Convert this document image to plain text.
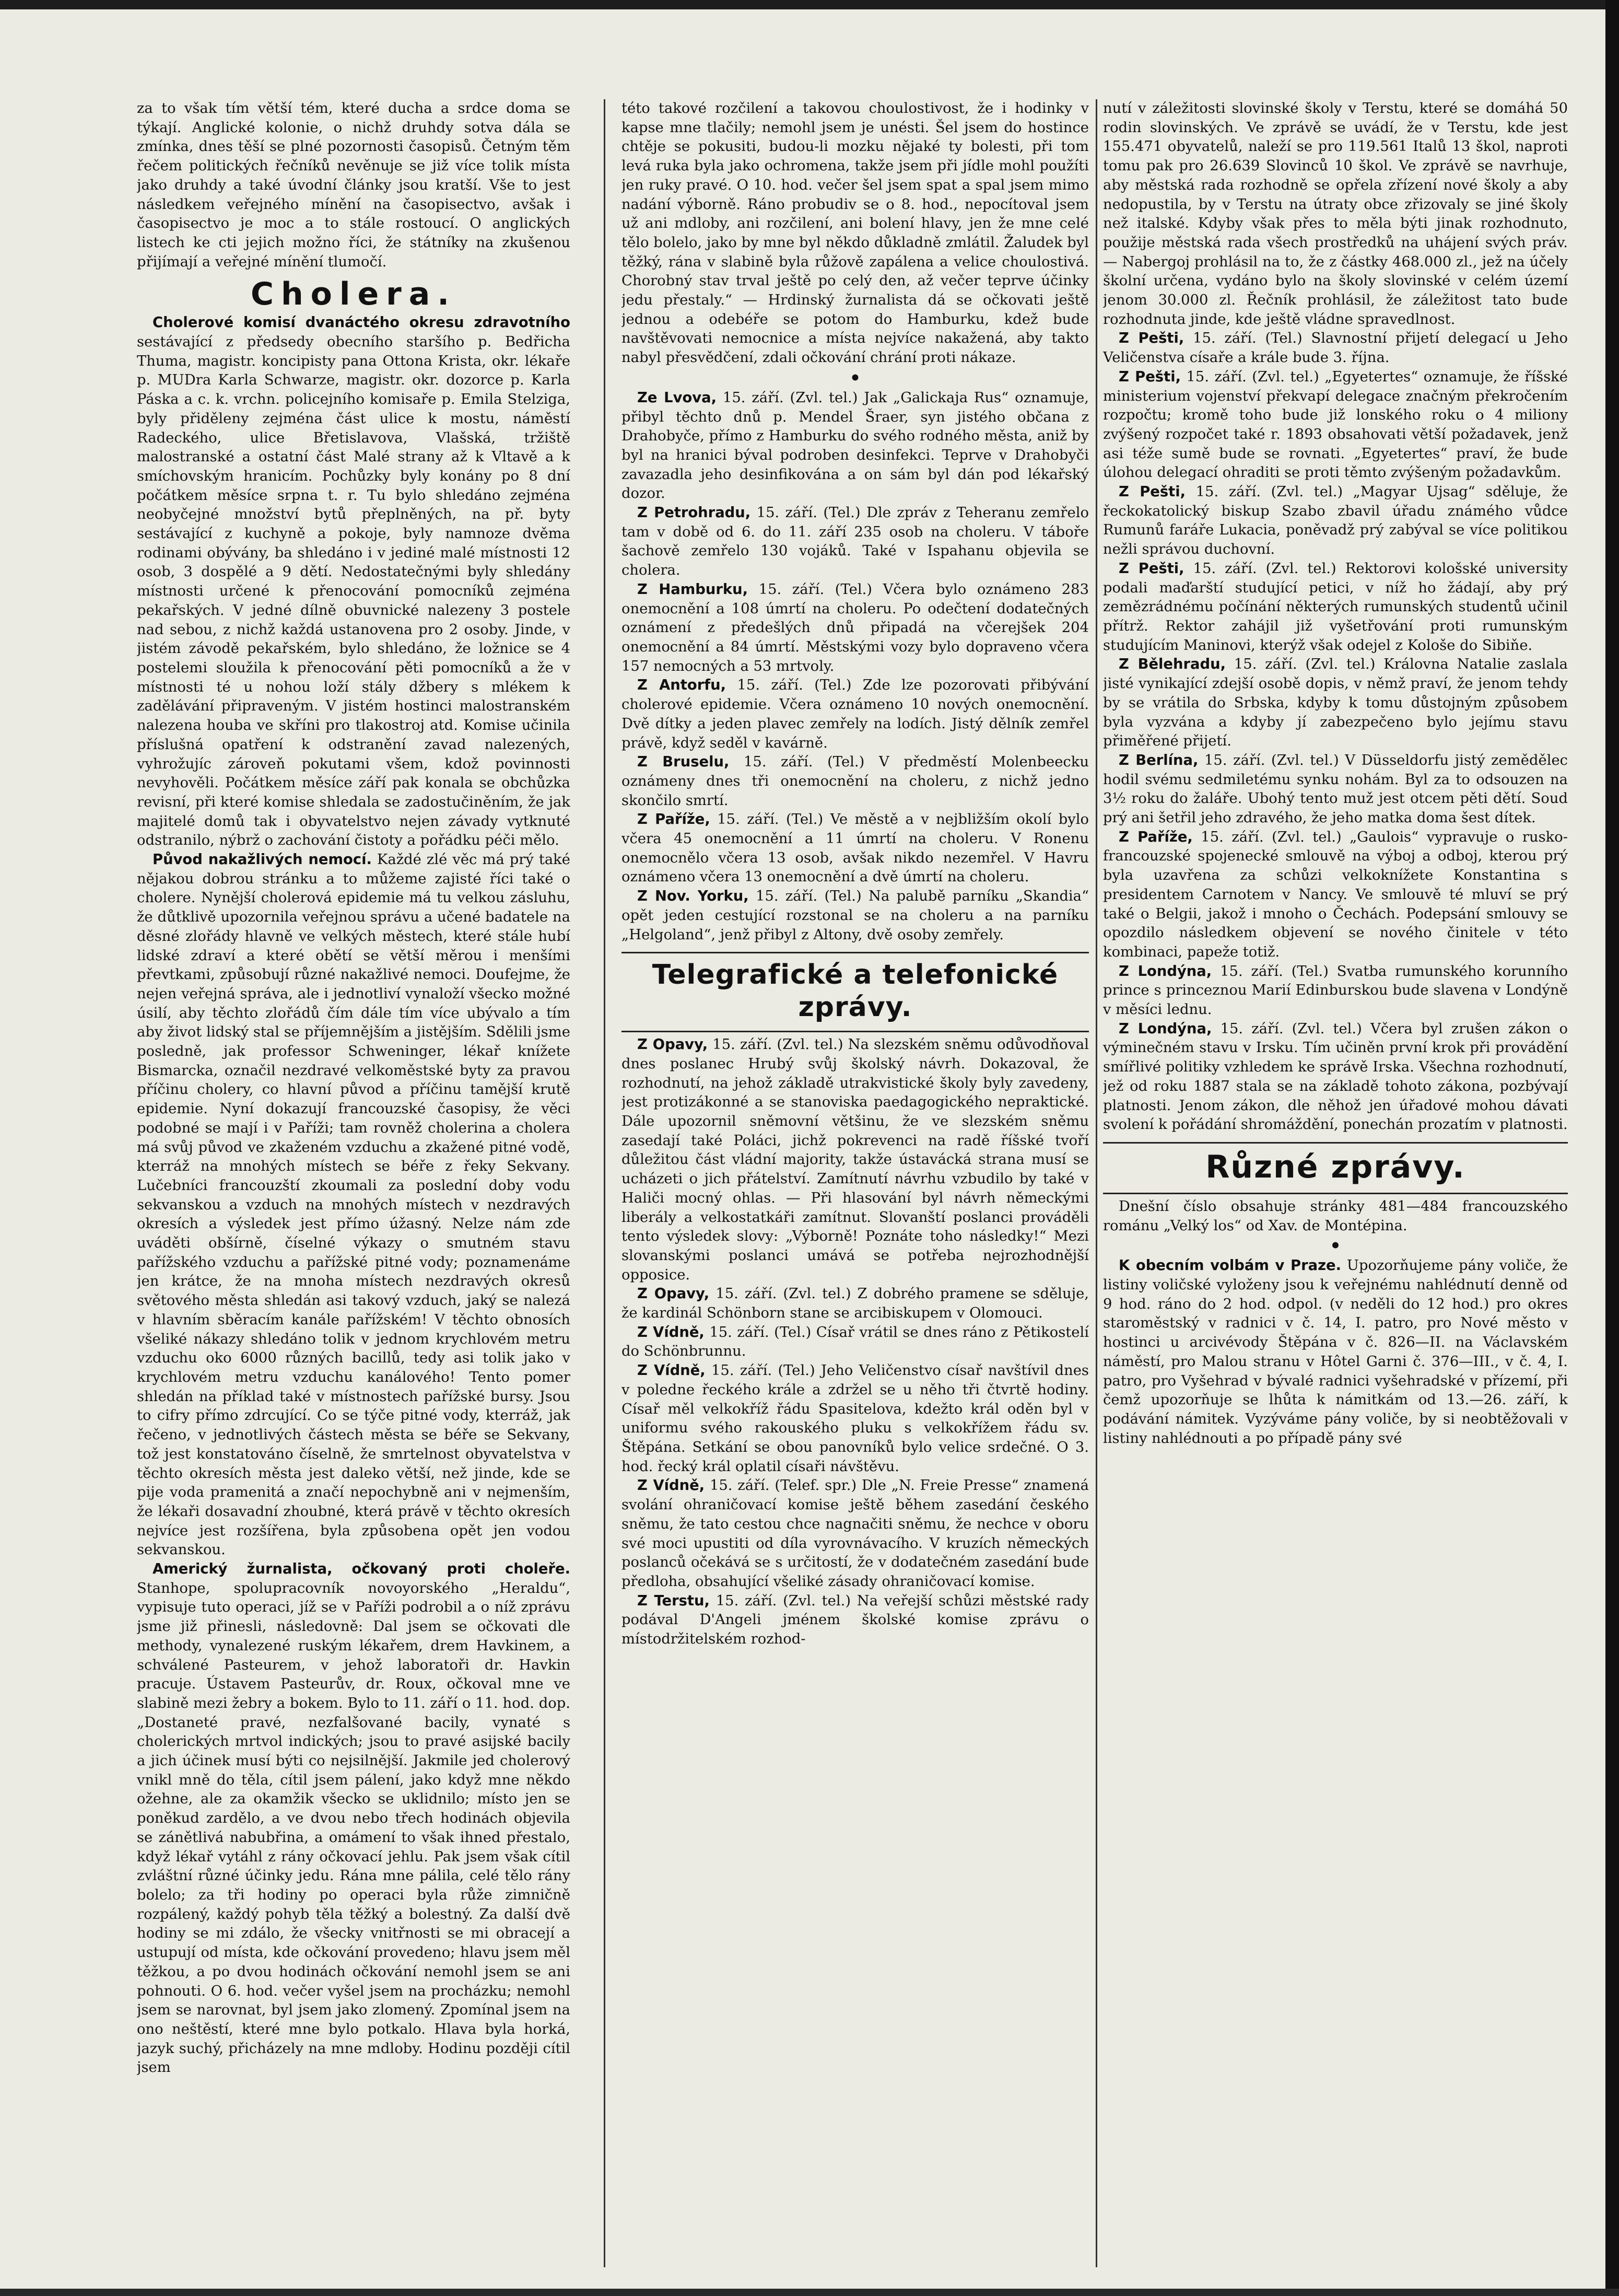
za to však tím větší tém, které ducha a srdce doma se týkají. Anglické kolonie, o nichž druhdy sotva dála se zmínka, dnes těší se plné pozornosti časopisů. Četným těm řečem politických řečníků nevěnuje se již více tolik místa jako druhdy a také úvodní články jsou kratší. Vše to jest následkem veřejného mínění na časopisectvo, avšak i časopisectvo je moc a to stále rostoucí. O anglických listech ke cti jejich možno říci, že státníky na zkušenou přijímají a veřejné mínění tlumočí.

Cholera.

Cholerové komisí dvanáctého okresu zdravotního sestávající z předsedy obecního staršího p. Bedřicha Thuma, magistr. koncipisty pana Ottona Krista, okr. lékaře p. MUDra Karla Schwarze, magistr. okr. dozorce p. Karla Páska a c. k. vrchn. policejního komisaře p. Emila Stelziga, byly přiděleny zejména část ulice k mostu, náměstí Radeckého, ulice Břetislavova, Vlašská, tržiště malostranské a ostatní část Malé strany až k Vltavě a k smíchovským hranicím. Pochůzky byly konány po 8 dní počátkem měsíce srpna t. r. Tu bylo shledáno zejména neobyčejné množství bytů přeplněných, na př. byty sestávající z kuchyně a pokoje, byly namnoze dvěma rodinami obývány, ba shledáno i v jediné malé místnosti 12 osob, 3 dospělé a 9 dětí. Nedostatečnými byly shledány místnosti určené k přenocování pomocníků zejména pekařských. V jedné dílně obuvnické nalezeny 3 postele nad sebou, z nichž každá ustanovena pro 2 osoby. Jinde, v jistém závodě pekařském, bylo shledáno, že ložnice se 4 postelemi sloužila k přenocování pěti pomocníků a že v místnosti té u nohou loží stály džbery s mlékem k zadělávání připraveným. V jistém hostinci malostranském nalezena houba ve skříni pro tlakostroj atd. Komise učinila příslušná opatření k odstranění zavad nalezených, vyhrožujíc zároveň pokutami všem, kdož povinnosti nevyhověli. Počátkem měsíce září pak konala se obchůzka revisní, při které komise shledala se zadostučiněním, že jak majitelé domů tak i obyvatelstvo nejen závady vytknuté odstranilo, nýbrž o zachování čistoty a pořádku péči mělo.

Původ nakažlivých nemocí. Každé zlé věc má prý také nějakou dobrou stránku a to můžeme zajisté říci také o cholere. Nynější cholerová epidemie má tu velkou zásluhu, že důtklivě upozornila veřejnou správu a učené badatele na děsné zlořády hlavně ve velkých městech, které stále hubí lidské zdraví a které obětí se větší měrou i menšími převtkami, způsobují různé nakažlivé nemoci. Doufejme, že nejen veřejná správa, ale i jednotliví vynaloží všecko možné úsilí, aby těchto zlořádů čím dále tím více ubývalo a tím aby život lidský stal se příjemnějším a jistějším. Sdělili jsme posledně, jak professor Schweninger, lékař knížete Bismarcka, označil nezdravé velkoměstské byty za pravou příčinu cholery, co hlavní původ a příčinu tamější krutě epidemie. Nyní dokazují francouzské časopisy, že věci podobné se mají i v Paříži; tam rovněž cholerina a cholera má svůj původ ve zkaženém vzduchu a zkažené pitné vodě, kterráž na mnohých místech se béře z řeky Sekvany. Lučebníci francouzští zkoumali za poslední doby vodu sekvanskou a vzduch na mnohých místech v nezdravých okresích a výsledek jest přímo úžasný. Nelze nám zde uváděti obšírně, číselné výkazy o smutném stavu pařížského vzduchu a pařížské pitné vody; poznamenáme jen krátce, že na mnoha místech nezdravých okresů světového města shledán asi takový vzduch, jaký se nalezá v hlavním sběracím kanále pařížském! V těchto obnosích všeliké nákazy shledáno tolik v jednom krychlovém metru vzduchu oko 6000 různých bacillů, tedy asi tolik jako v krychlovém metru vzduchu kanálového! Tento pomer shledán na příklad také v místnostech pařížské bursy. Jsou to cifry přímo zdrcující. Co se týče pitné vody, kterráž, jak řečeno, v jednotlivých částech města se béře se Sekvany, tož jest konstatováno číselně, že smrtelnost obyvatelstva v těchto okresích města jest daleko větší, než jinde, kde se pije voda pramenitá a značí nepochybně ani v nejmenším, že lékaři dosavadní zhoubné, která právě v těchto okresích nejvíce jest rozšířena, byla způsobena opět jen vodou sekvanskou.

Americký žurnalista, očkovaný proti choleře. Stanhope, spolupracovník novoyorského „Heraldu“, vypisuje tuto operaci, jíž se v Paříži podrobil a o níž zprávu jsme již přinesli, následovně: Dal jsem se očkovati dle methody, vynalezené ruským lékařem, drem Havkinem, a schválené Pasteurem, v jehož laboratoři dr. Havkin pracuje. Ústavem Pasteurův, dr. Roux, očkoval mne ve slabině mezi žebry a bokem. Bylo to 11. září o 11. hod. dop. „Dostaneté pravé, nezfalšované bacily, vynaté s cholerických mrtvol indických; jsou to pravé asijské bacily a jich účinek musí býti co nejsilnější. Jakmile jed cholerový vnikl mně do těla, cítil jsem pálení, jako když mne někdo ožehne, ale za okamžik všecko se uklidnilo; místo jen se poněkud zardělo, a ve dvou nebo třech hodinách objevila se zánětlivá nabubřina, a omámení to však ihned přestalo, když lékař vytáhl z rány očkovací jehlu. Pak jsem však cítil zvláštní různé účinky jedu. Rána mne pálila, celé tělo rány bolelo; za tři hodiny po operaci byla růže zimničně rozpálený, každý pohyb těla těžký a bolestný. Za další dvě hodiny se mi zdálo, že všecky vnitřnosti se mi obracejí a ustupují od místa, kde očkování provedeno; hlavu jsem měl těžkou, a po dvou hodinách očkování nemohl jsem se ani pohnouti. O 6. hod. večer vyšel jsem na procházku; nemohl jsem se narovnat, byl jsem jako zlomený. Zpomínal jsem na ono neštěstí, které mne bylo potkalo. Hlava byla horká, jazyk suchý, přicházely na mne mdloby. Hodinu později cítil jsem

této takové rozčilení a takovou choulostivost, že i hodinky v kapse mne tlačily; nemohl jsem je unésti. Šel jsem do hostince chtěje se pokusiti, budou-li mozku nějaké ty bolesti, při tom levá ruka byla jako ochromena, takže jsem při jídle mohl použíti jen ruky pravé. O 10. hod. večer šel jsem spat a spal jsem mimo nadání výborně. Ráno probudiv se o 8. hod., nepocítoval jsem už ani mdloby, ani rozčilení, ani bolení hlavy, jen že mne celé tělo bolelo, jako by mne byl někdo důkladně zmlátil. Žaludek byl těžký, rána v slabině byla růžově zapálena a velice choulostivá. Chorobný stav trval ještě po celý den, až večer teprve účinky jedu přestaly.“ — Hrdinský žurnalista dá se očkovati ještě jednou a odebéře se potom do Hamburku, kdež bude navštěvovati nemocnice a místa nejvíce nakažená, aby takto nabyl přesvědčení, zdali očkování chrání proti nákaze.

•

Ze Lvova, 15. září. (Zvl. tel.) Jak „Galickaja Rus“ oznamuje, přibyl těchto dnů p. Mendel Šraer, syn jistého občana z Drahobyče, přímo z Hamburku do svého rodného města, aniž by byl na hranici býval podroben desinfekci. Teprve v Drahobyči zavazadla jeho desinfikována a on sám byl dán pod lékařský dozor.

Z Petrohradu, 15. září. (Tel.) Dle zpráv z Teheranu zemřelo tam v době od 6. do 11. září 235 osob na choleru. V táboře šachově zemřelo 130 vojáků. Také v Ispahanu objevila se cholera.

Z Hamburku, 15. září. (Tel.) Včera bylo oznámeno 283 onemocnění a 108 úmrtí na choleru. Po odečtení dodatečných oznámení z předešlých dnů připadá na včerejšek 204 onemocnění a 84 úmrtí. Městskými vozy bylo dopraveno včera 157 nemocných a 53 mrtvoly.

Z Antorfu, 15. září. (Tel.) Zde lze pozorovati přibývání cholerové epidemie. Včera oznámeno 10 nových onemocnění. Dvě dítky a jeden plavec zemřely na lodích. Jistý dělník zemřel právě, když seděl v kavárně.

Z Bruselu, 15. září. (Tel.) V předměstí Molenbeecku oznámeny dnes tři onemocnění na choleru, z nichž jedno skončilo smrtí.

Z Paříže, 15. září. (Tel.) Ve městě a v nejbližším okolí bylo včera 45 onemocnění a 11 úmrtí na choleru. V Ronenu onemocnělo včera 13 osob, avšak nikdo nezemřel. V Havru oznámeno včera 13 onemocnění a dvě úmrtí na choleru.

Z Nov. Yorku, 15. září. (Tel.) Na palubě parníku „Skandia“ opět jeden cestující rozstonal se na choleru a na parníku „Helgoland“, jenž přibyl z Altony, dvě osoby zemřely.

Telegrafické a telefonické zprávy.

Z Opavy, 15. září. (Zvl. tel.) Na slezském sněmu odůvodňoval dnes poslanec Hrubý svůj školský návrh. Dokazoval, že rozhodnutí, na jehož základě utrakvistické školy byly zavedeny, jest protizákonné a se stanoviska paedagogického nepraktické. Dále upozornil sněmovní většinu, že ve slezském sněmu zasedají také Poláci, jichž pokrevenci na radě říšské tvoří důležitou část vládní majority, takže ústavácká strana musí se ucházeti o jich přátelství. Zamítnutí návrhu vzbudilo by také v Haliči mocný ohlas. — Při hlasování byl návrh německými liberály a velkostatkáři zamítnut. Slovanští poslanci prováděli tento výsledek slovy: „Výborně! Poznáte toho následky!“ Mezi slovanskými poslanci umává se potřeba nejrozhodnější opposice.

Z Opavy, 15. září. (Zvl. tel.) Z dobrého pramene se sděluje, že kardinál Schönborn stane se arcibiskupem v Olomouci.

Z Vídně, 15. září. (Tel.) Císař vrátil se dnes ráno z Pětikostelí do Schönbrunnu.

Z Vídně, 15. září. (Tel.) Jeho Veličenstvo císař navštívil dnes v poledne řeckého krále a zdržel se u něho tři čtvrtě hodiny. Císař měl velkokříž řádu Spasitelova, kdežto král oděn byl v uniformu svého rakouského pluku s velkokřížem řádu sv. Štěpána. Setkání se obou panovníků bylo velice srdečné. O 3. hod. řecký král oplatil císaři návštěvu.

Z Vídně, 15. září. (Telef. spr.) Dle „N. Freie Presse“ znamená svolání ohraničovací komise ještě během zasedání českého sněmu, že tato cestou chce nagnačiti sněmu, že nechce v oboru své moci upustiti od díla vyrovnávacího. V kruzích německých poslanců očekává se s určitostí, že v dodatečném zasedání bude předloha, obsahující všeliké zásady ohraničovací komise.

Z Terstu, 15. září. (Zvl. tel.) Na veřejší schůzi městské rady podával D'Angeli jménem školské komise zprávu o místodržitelském rozhod-

nutí v záležitosti slovinské školy v Terstu, které se domáhá 50 rodin slovinských. Ve zprávě se uvádí, že v Terstu, kde jest 155.471 obyvatelů, naleží se pro 119.561 Italů 13 škol, naproti tomu pak pro 26.639 Slovinců 10 škol. Ve zprávě se navrhuje, aby městská rada rozhodně se opřela zřízení nové školy a aby nedopustila, by v Terstu na útraty obce zřizovaly se jiné školy než italské. Kdyby však přes to měla býti jinak rozhodnuto, použije městská rada všech prostředků na uhájení svých práv. — Nabergoj prohlásil na to, že z částky 468.000 zl., jež na účely školní určena, vydáno bylo na školy slovinské v celém území jenom 30.000 zl. Řečník prohlásil, že záležitost tato bude rozhodnuta jinde, kde ještě vládne spravedlnost.

Z Pešti, 15. září. (Tel.) Slavnostní přijetí delegací u Jeho Veličenstva císaře a krále bude 3. října.

Z Pešti, 15. září. (Zvl. tel.) „Egyetertes“ oznamuje, že říšské ministerium vojenství překvapí delegace značným překročením rozpočtu; kromě toho bude již lonského roku o 4 miliony zvýšený rozpočet také r. 1893 obsahovati větší požadavek, jenž asi téže sumě bude se rovnati. „Egyetertes“ praví, že bude úlohou delegací ohraditi se proti těmto zvýšeným požadavkům.

Z Pešti, 15. září. (Zvl. tel.) „Magyar Ujsag“ sděluje, že řeckokatolický biskup Szabo zbavil úřadu známého vůdce Rumunů faráře Lukacia, poněvadž prý zabýval se více politikou nežli správou duchovní.

Z Pešti, 15. září. (Zvl. tel.) Rektorovi kološské university podali maďarští studující petici, v níž ho žádají, aby prý zemězrádnému počínání některých rumunských studentů učinil přítrž. Rektor zahájil již vyšetřování proti rumunským studujícím Maninovi, kterýž však odejel z Kološe do Sibiňe.

Z Bělehradu, 15. září. (Zvl. tel.) Královna Natalie zaslala jisté vynikající zdejší osobě dopis, v němž praví, že jenom tehdy by se vrátila do Srbska, kdyby k tomu důstojným způsobem byla vyzvána a kdyby jí zabezpečeno bylo jejímu stavu přiměřené přijetí.

Z Berlína, 15. září. (Zvl. tel.) V Düsseldorfu jistý zemědělec hodil svému sedmiletému synku nohám. Byl za to odsouzen na 3½ roku do žaláře. Ubohý tento muž jest otcem pěti dětí. Soud prý ani šetřil jeho zdravého, že jeho matka doma šest dítek.

Z Paříže, 15. září. (Zvl. tel.) „Gaulois“ vypravuje o rusko-francouzské spojenecké smlouvě na výboj a odboj, kterou prý byla uzavřena za schůzi velkoknížete Konstantina s presidentem Carnotem v Nancy. Ve smlouvě té mluví se prý také o Belgii, jakož i mnoho o Čechách. Podepsání smlouvy se opozdilo následkem objevení se nového činitele v této kombinaci, papeže totiž.

Z Londýna, 15. září. (Tel.) Svatba rumunského korunního prince s princeznou Marií Edinburskou bude slavena v Londýně v měsíci lednu.

Z Londýna, 15. září. (Zvl. tel.) Včera byl zrušen zákon o výminečném stavu v Irsku. Tím učiněn první krok při provádění smířlivé politiky vzhledem ke správě Irska. Všechna rozhodnutí, jež od roku 1887 stala se na základě tohoto zákona, pozbývají platnosti. Jenom zákon, dle něhož jen úřadové mohou dávati svolení k pořádání shromáždění, ponechán prozatím v platnosti.

Různé zprávy.

Dnešní číslo obsahuje stránky 481—484 francouzského románu „Velký los“ od Xav. de Montépina.

•

K obecním volbám v Praze. Upozorňujeme pány voliče, že listiny voličské vyloženy jsou k veřejnému nahlédnutí denně od 9 hod. ráno do 2 hod. odpol. (v neděli do 12 hod.) pro okres staroměstský v radnici v č. 14, I. patro, pro Nové město v hostinci u arcivévody Štěpána v č. 826—II. na Václavském náměstí, pro Malou stranu v Hôtel Garni č. 376—III., v č. 4, I. patro, pro Vyšehrad v bývalé radnici vyšehradské v přízemí, při čemž upozorňuje se lhůta k námitkám od 13.—26. září, k podávání námitek. Vyzýváme pány voliče, by si neobtěžovali v listiny nahlédnouti a po případě pány své
